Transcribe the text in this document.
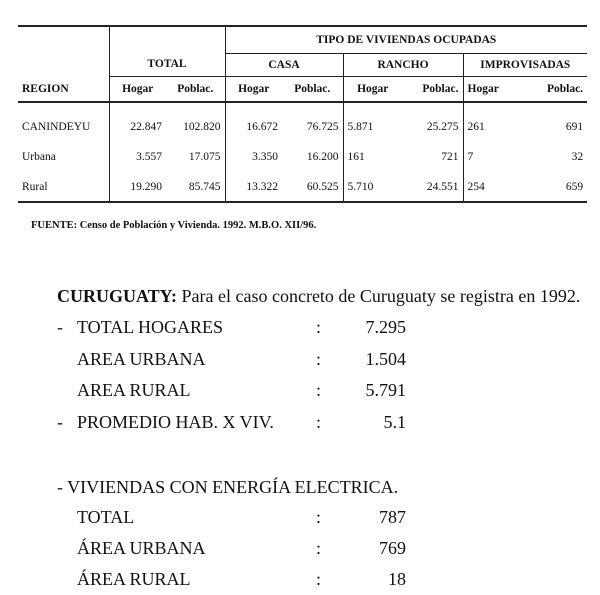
			TIPO DE VIVIENDAS OCUPADAS					
	TOTAL		CASA		RANCHO		IMPROVISADAS	
REGION	Hogar	Poblac.	Hogar	Poblac.	Hogar	Poblac.	Hogar	Poblac.

CANINDEYU	22.847	102.820	16.672	76.725	5.871	25.275	261	691
Urbana	3.557	17.075	3.350	16.200	161	721	7	32
Rural	19.290	85.745	13.322	60.525	5.710	24.551	254	659
FUENTE: Censo de Población y Vivienda. 1992. M.B.O. XII/96.
CURUGUATY: Para el caso concreto de Curuguaty se registra en 1992.
- TOTAL HOGARES	: 7.295
AREA URBANA	: 1.504
AREA RURAL	: 5.791
- PROMEDIO HAB. X VIV. :	5.1
- VIVIENDAS CON ENERGÍA ELECTRICA.
TOTAL	:	787
ÁREA URBANA	:	769
ÁREA RURAL	:	18
